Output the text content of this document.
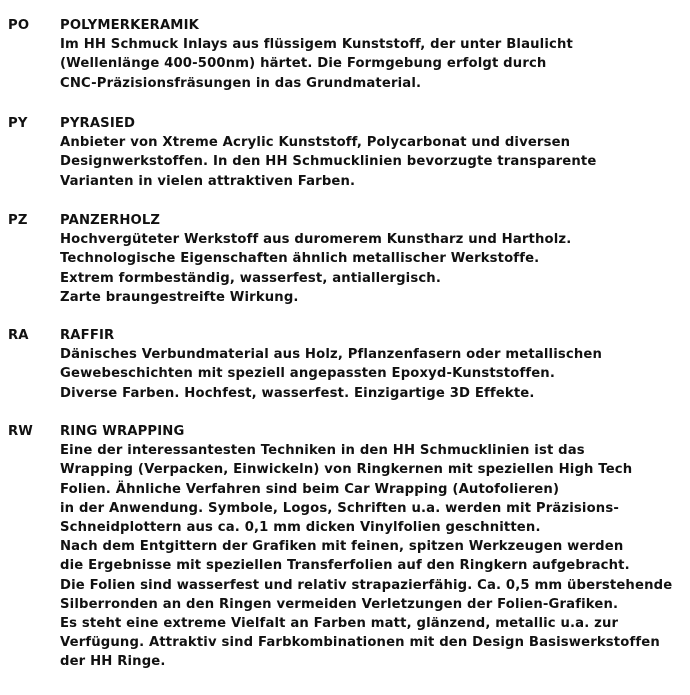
PO POLYMERKERAMIK
Im HH Schmuck Inlays aus flüssigem Kunststoff, der unter Blaulicht
(Wellenlänge 400-500nm) härtet. Die Formgebung erfolgt durch
CNC-Präzisionsfräsungen in das Grundmaterial.
PY PYRASIED
Anbieter von Xtreme Acrylic Kunststoff, Polycarbonat und diversen
Designwerkstoffen. In den HH Schmucklinien bevorzugte transparente
Varianten in vielen attraktiven Farben.
PZ PANZERHOLZ
Hochvergüteter Werkstoff aus duromerem Kunstharz und Hartholz.
Technologische Eigenschaften ähnlich metallischer Werkstoffe.
Extrem formbeständig, wasserfest, antiallergisch.
Zarte braungestreifte Wirkung.
RA RAFFIR
Dänisches Verbundmaterial aus Holz, Pflanzenfasern oder metallischen
Gewebeschichten mit speziell angepassten Epoxyd-Kunststoffen.
Diverse Farben. Hochfest, wasserfest. Einzigartige 3D Effekte.
RW RING WRAPPING
Eine der interessantesten Techniken in den HH Schmucklinien ist das
Wrapping (Verpacken, Einwickeln) von Ringkernen mit speziellen High Tech
Folien. Ähnliche Verfahren sind beim Car Wrapping (Autofolieren)
in der Anwendung. Symbole, Logos, Schriften u.a. werden mit Präzisions-
Schneidplottern aus ca. 0,1 mm dicken Vinylfolien geschnitten.
Nach dem Entgittern der Grafiken mit feinen, spitzen Werkzeugen werden
die Ergebnisse mit speziellen Transferfolien auf den Ringkern aufgebracht.
Die Folien sind wasserfest und relativ strapazierfähig. Ca. 0,5 mm überstehende
Silberronden an den Ringen vermeiden Verletzungen der Folien-Grafiken.
Es steht eine extreme Vielfalt an Farben matt, glänzend, metallic u.a. zur
Verfügung. Attraktiv sind Farbkombinationen mit den Design Basiswerkstoffen
der HH Ringe.
